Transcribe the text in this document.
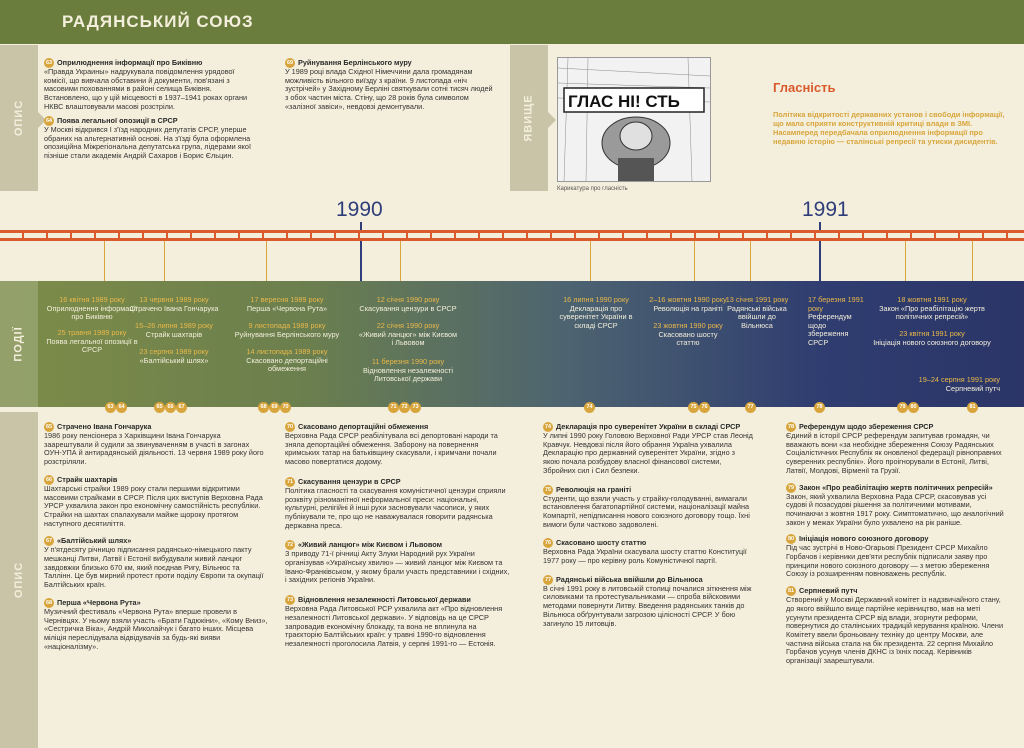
РАДЯНСЬКИЙ СОЮЗ
ОПИС
63 Оприлюднення інформації про Биківню
«Правда Украины» надрукувала повідомлення урядової комісії, що вивчала обставини й документи, пов'язані з масовими похованнями в районі селища Биківня. Встановлено, що у цій місцевості в 1937–1941 роках органи НКВС влаштовували масові розстріли.
64 Поява легальної опозиції в СРСР
У Москві відкрився I з'їзд народних депутатів СРСР, уперше обраних на альтернативній основі. На з'їзді була оформлена опозиційна Міжрегіональна депутатська група, лідерами якої пізніше стали академік Андрій Сахаров і Борис Єльцин.
69 Руйнування Берлінського муру
У 1989 році влада Східної Німеччини дала громадянам можливість вільного виїзду з країни. 9 листопада «ніч зустрічей» у Західному Берліні святкували сотні тисяч людей з обох частин міста. Стіну, що 28 років була символом «залізної завіси», невдовзі демонтували.	ЯВИЩЕ ГЛАС НІ! СТЬ
Карикатура про гласність
Гласність
Політика відкритості державних установ і свободи інформації, що мала сприяти конструктивній критиці влади в ЗМІ. Насамперед передбачала оприлюднення інформації про недавню історію — сталінські репресії та утиски дисидентів.
1990	1991
ПОДІЇ
16 квітня 1989 року
Оприлюднення інформації про Биківню
25 травня 1989 року
Поява легальної опозиції в СРСР
13 червня 1989 року
Страчено Івана Гончарука
15–26 липня 1989 року
Страйк шахтарів
23 серпня 1989 року
«Балтійський шлях»
17 вересня 1989 року
Перша «Червона Рута»
9 листопада 1989 року
Руйнування Берлінського муру
14 листопада 1989 року
Скасовано депортаційні обмеження
12 січня 1990 року
Скасування цензури в СРСР
22 січня 1990 року
«Живий ланцюг» між Києвом і Львовом
11 березня 1990 року
Відновлення незалежності Литовської держави
16 липня 1990 року
Декларація про суверенітет України в складі СРСР
2–16 жовтня 1990 року
Революція на граніті
23 жовтня 1990 року
Скасовано шосту статтю
13 січня 1991 року
Радянські війська ввійшли до Вільнюса
17 березня 1991 року
Референдум щодо збереження СРСР
18 жовтня 1991 року
Закон «Про реабілітацію жертв політичних репресій»
23 квітня 1991 року
Ініціація нового союзного договору
19–24 серпня 1991 року
Серпневий путч
63 64	65 66 67	68 69 70	71 72 73	74	75 76	77	78	79 80	81
ОПИС
65 Страчено Івана Гончарука
1986 року пенсіонера з Харківщини Івана Гончарука заарештували й судили за звинуваченням в участі в загонах ОУН-УПА й антирадянській діяльності. 13 червня 1989 року його розстріляли.
66 Страйк шахтарів
Шахтарські страйки 1989 року стали першими відкритими масовими страйками в СРСР. Після цих виступів Верховна Рада УРСР ухвалила закон про економічну самостійність республіки. Страйки на шахтах спалахували майже щороку протягом наступного десятиліття.
67 «Балтійський шлях»
У п'ятдесяту річницю підписання радянсько-німецького пакту мешканці Литви, Латвії і Естонії вибудували живий ланцюг завдовжки близько 670 км, який поєднав Ригу, Вільнюс та Таллінн. Це був мирний протест проти поділу Європи та окупації Балтійських країн.
68 Перша «Червона Рута»
Музичний фестиваль «Червона Рута» вперше провели в Чернівцях. У ньому взяли участь «Брати Гадюкіни», «Кому Вниз», «Сестричка Віка», Андрій Миколайчук і багато інших. Місцева міліція переслідувала відвідувачів за будь-які вияви «націоналізму».
70 Скасовано депортаційні обмеження
Верховна Рада СРСР реабілітувала всі депортовані народи та зняла депортаційні обмеження. Заборону на повернення кримських татар на батьківщину скасували, і кримчани почали масово повертатися додому.
71 Скасування цензури в СРСР
Політика гласності та скасування комуністичної цензури сприяли розквіту різноманітної неформальної преси: національні, культурні, релігійні й інші рухи засновували часописи, у яких публікували те, про що не наважувалася говорити радянська державна преса.
72 «Живий ланцюг» між Києвом і Львовом
З приводу 71-ї річниці Акту Злуки Народний рух України організував «Українську хвилю» — живий ланцюг між Києвом та Івано-Франківськом, у якому брали участь представники і східних, і західних регіонів України.
73 Відновлення незалежності Литовської держави
Верховна Рада Литовської РСР ухвалила акт «Про відновлення незалежності Литовської держави». У відповідь на це СРСР запровадив економічну блокаду, та вона не вплинула на траєкторію Балтійських країн: у травні 1990-го відновлення незалежності проголосила Латвія, у серпні 1991-го — Естонія.
74 Декларація про суверенітет України в складі СРСР
У липні 1990 року Головою Верховної Ради УРСР став Леонід Кравчук. Невдовзі після його обрання Україна ухвалила Декларацію про державний суверенітет України, згідно з якою почала розбудову власної фінансової системи, Збройних сил і Сил безпеки.
75 Революція на граніті
Студенти, що взяли участь у страйку-голодуванні, вимагали встановлення багатопартійної системи, націоналізації майна Компартії, непідписання нового союзного договору тощо. Їхні вимоги були частково задоволені.
76 Скасовано шосту статтю
Верховна Рада України скасувала шосту статтю Конституції 1977 року — про керівну роль Комуністичної партії.
77 Радянські війська ввійшли до Вільнюса
В січні 1991 року в литовській столиці почалися зіткнення між силовиками та протестувальниками — спроба війсковими методами повернути Литву. Введення радянських танків до Вільнюса обґрунтували загрозою цілісності СРСР. У бою загинуло 15 литовців.
78 Референдум щодо збереження СРСР
Єдиний в історії СРСР референдум запитував громадян, чи вважають вони «за необхідне збереження Союзу Радянських Соціалістичних Республік як оновленої федерації рівноправних суверенних республік». Його проігнорували в Естонії, Литві, Латвії, Молдові, Вірменії та Грузії.
79 Закон «Про реабілітацію жертв політичних репресій»
Закон, який ухвалила Верховна Рада СРСР, скасовував усі судові й позасудові рішення за політичними мотивами, починаючи з жовтня 1917 року. Симптоматично, що аналогічний закон у межах України було ухвалено на рік раніше.
80 Ініціація нового союзного договору
Під час зустрічі в Ново-Огарьові Президент СРСР Михайло Горбачов і керівники дев'яти республік підписали заяву про принципи нового союзного договору — з метою збереження Союзу із розширенням повноважень республік.
81 Серпневий путч
Створений у Москві Державний комітет із надзвичайного стану, до якого ввійшло вище партійне керівництво, мав на меті усунути президента СРСР від влади, згорнути реформи, повернутися до сталінських традицій керування країною. Члени Комітету ввели броньовану техніку до центру Москви, але частина війська стала на бік президента. 22 серпня Михайло Горбачов усунув членів ДКНС із їхніх посад. Керівників організації заарештували.
